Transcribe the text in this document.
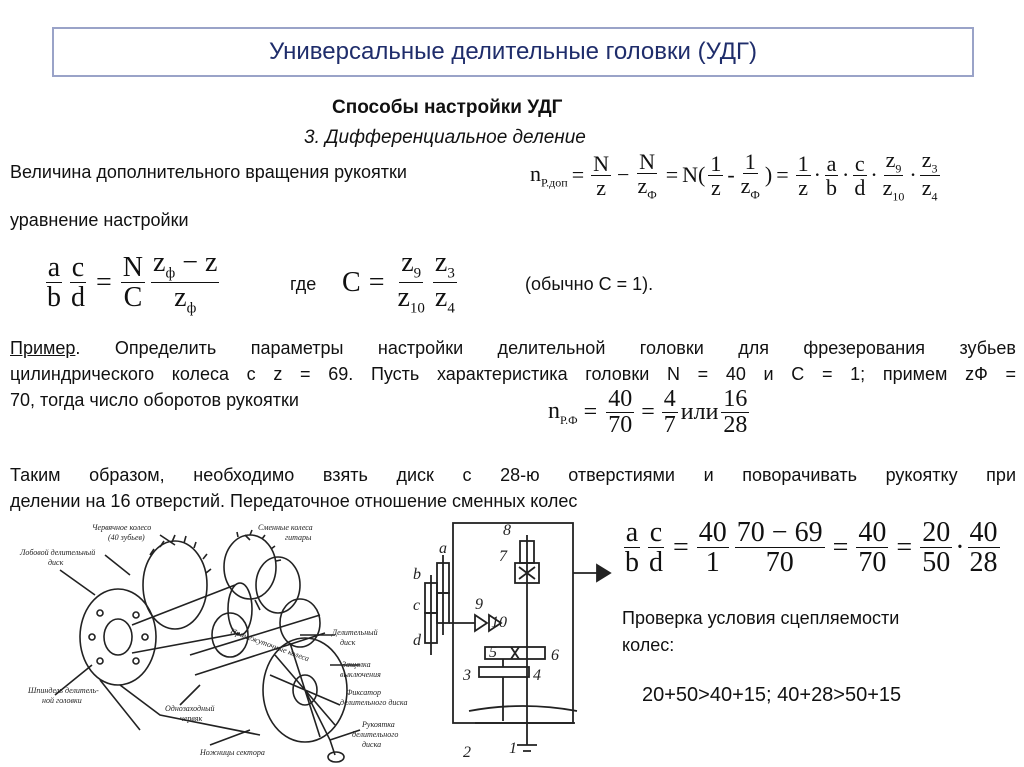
Универсальные делительные головки (УДГ)
Способы настройки УДГ
3. Дифференциальное деление
Величина дополнительного вращения рукоятки
уравнение настройки
$n_{Р.доп} = \frac{N}{z} - \frac{N}{z_Ф} = N( \frac{1}{z} - \frac{1}{z_Ф}$ ) = $\frac{1}{z} \cdot \frac{a}{b} \cdot \frac{c}{d} \cdot \frac{z_9}{z_{10}} \cdot \frac{z_3}{z_4}$
$\frac{a}{b} \frac{c}{d} = \frac{N}{C} \frac{z_ф - z}{z_ф}$	где $C = \frac{z_9}{z_{10}} \frac{z_3}{z_4}$	(обычно С = 1).
Пример. Определить параметры настройки делительной головки для фрезерования зубьев
цилиндрического колеса с z = 69. Пусть характеристика головки N = 40 и С = 1; примем zФ =
70, тогда число оборотов рукоятки	$n_{Р.Ф} = \frac{40}{70} = \frac{4}{7}$ или $\frac{16}{28}$
Таким образом, необходимо взять диск с 28-ю отверстиями и поворачивать рукоятку при
делении на 16 отверстий. Передаточное отношение сменных колес
$\frac{a}{b} \frac{c}{d} = \frac{40}{1} \frac{70 - 69}{70} = \frac{40}{70} = \frac{20}{50} \cdot \frac{40}{28}$
Проверка условия сцепляемости
колес:
20+50>40+15; 40+28>50+15
Червячное колесо
(40 зубьев)
Сменные колеса
гитары
Лобовой делительный
диск
Промежуточные колеса	Делительный
диск
Защелка
выключения
Фиксатор
делительного диска
Шпиндель делитель-
ной головки
Однозаходный
червяк
Ножницы сектора
Рукоятка
делительного
диска
a
b
c
d
8
7
9
10
5	6
3	4
2 1
